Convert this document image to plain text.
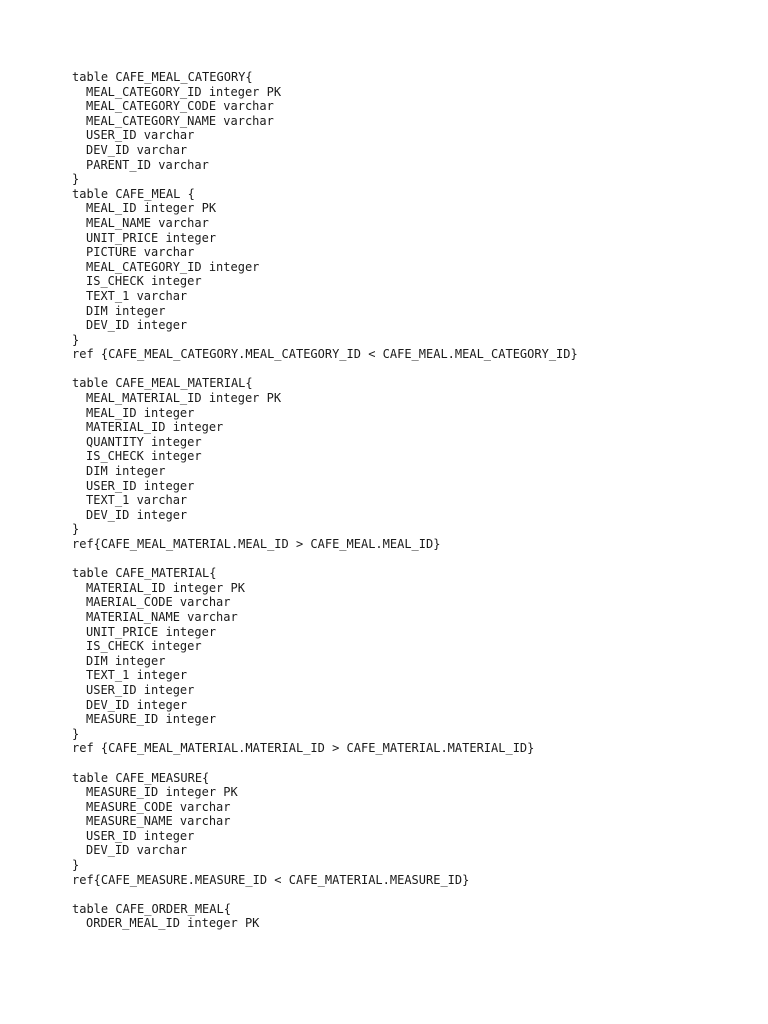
table CAFE_MEAL_CATEGORY{
MEAL_CATEGORY_ID integer PK
MEAL_CATEGORY_CODE varchar
MEAL_CATEGORY_NAME varchar
USER_ID varchar
DEV_ID varchar
PARENT_ID varchar
}
table CAFE_MEAL {
MEAL_ID integer PK
MEAL_NAME varchar
UNIT_PRICE integer
PICTURE varchar
MEAL_CATEGORY_ID integer
IS_CHECK integer
TEXT_1 varchar
DIM integer
DEV_ID integer
}
ref {CAFE_MEAL_CATEGORY.MEAL_CATEGORY_ID < CAFE_MEAL.MEAL_CATEGORY_ID}
table CAFE_MEAL_MATERIAL{
MEAL_MATERIAL_ID integer PK
MEAL_ID integer
MATERIAL_ID integer
QUANTITY integer
IS_CHECK integer
DIM integer
USER_ID integer
TEXT_1 varchar
DEV_ID integer
}
ref{CAFE_MEAL_MATERIAL.MEAL_ID > CAFE_MEAL.MEAL_ID}
table CAFE_MATERIAL{
MATERIAL_ID integer PK
MAERIAL_CODE varchar
MATERIAL_NAME varchar
UNIT_PRICE integer
IS_CHECK integer
DIM integer
TEXT_1 integer
USER_ID integer
DEV_ID integer
MEASURE_ID integer
}
ref {CAFE_MEAL_MATERIAL.MATERIAL_ID > CAFE_MATERIAL.MATERIAL_ID}
table CAFE_MEASURE{
MEASURE_ID integer PK
MEASURE_CODE varchar
MEASURE_NAME varchar
USER_ID integer
DEV_ID varchar
}
ref{CAFE_MEASURE.MEASURE_ID < CAFE_MATERIAL.MEASURE_ID}
table CAFE_ORDER_MEAL{
ORDER_MEAL_ID integer PK
